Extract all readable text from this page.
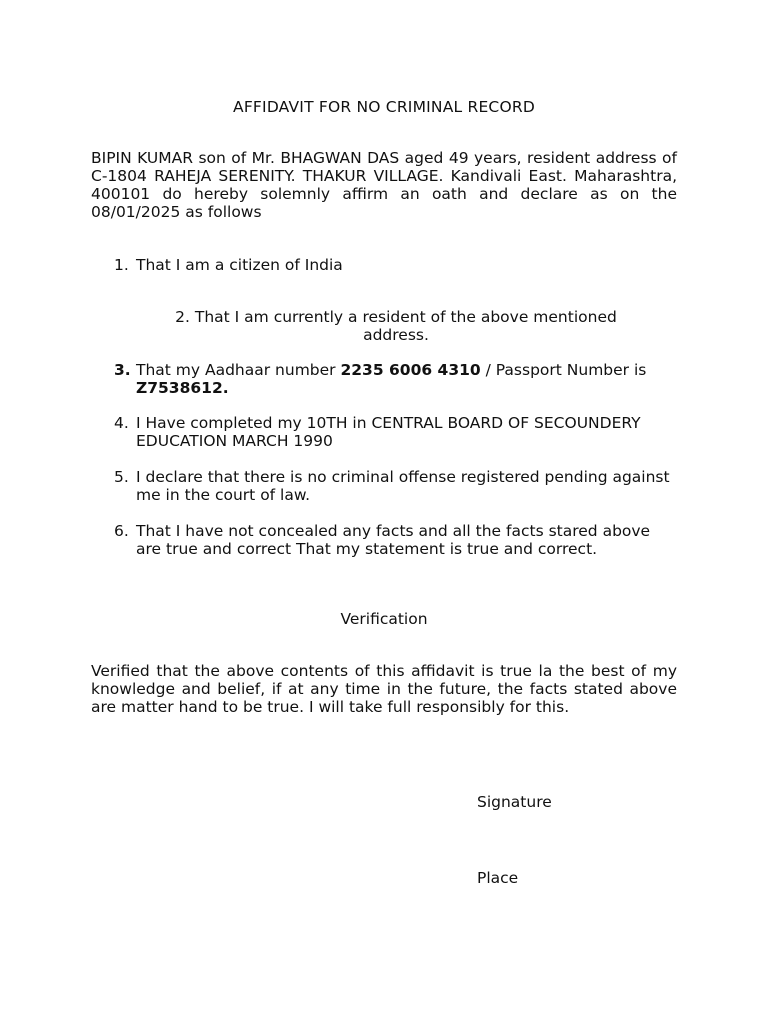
AFFIDAVIT FOR NO CRIMINAL RECORD
BIPIN KUMAR son of Mr. BHAGWAN DAS aged 49 years, resident address of C-1804 RAHEJA SERENITY. THAKUR VILLAGE. Kandivali East. Maharashtra, 400101 do hereby solemnly affirm an oath and declare as on the 08/01/2025 as follows
1. That I am a citizen of India
2. That I am currently a resident of the above mentioned address.
3. That my Aadhaar number 2235 6006 4310 / Passport Number is Z7538612.
4. I Have completed my 10TH in CENTRAL BOARD OF SECOUNDERY EDUCATION MARCH 1990
5. I declare that there is no criminal offense registered pending against me in the court of law.
6. That I have not concealed any facts and all the facts stared above are true and correct That my statement is true and correct.
Verification
Verified that the above contents of this affidavit is true la the best of my knowledge and belief, if at any time in the future, the facts stated above are matter hand to be true. I will take full responsibly for this.
Signature
Place
